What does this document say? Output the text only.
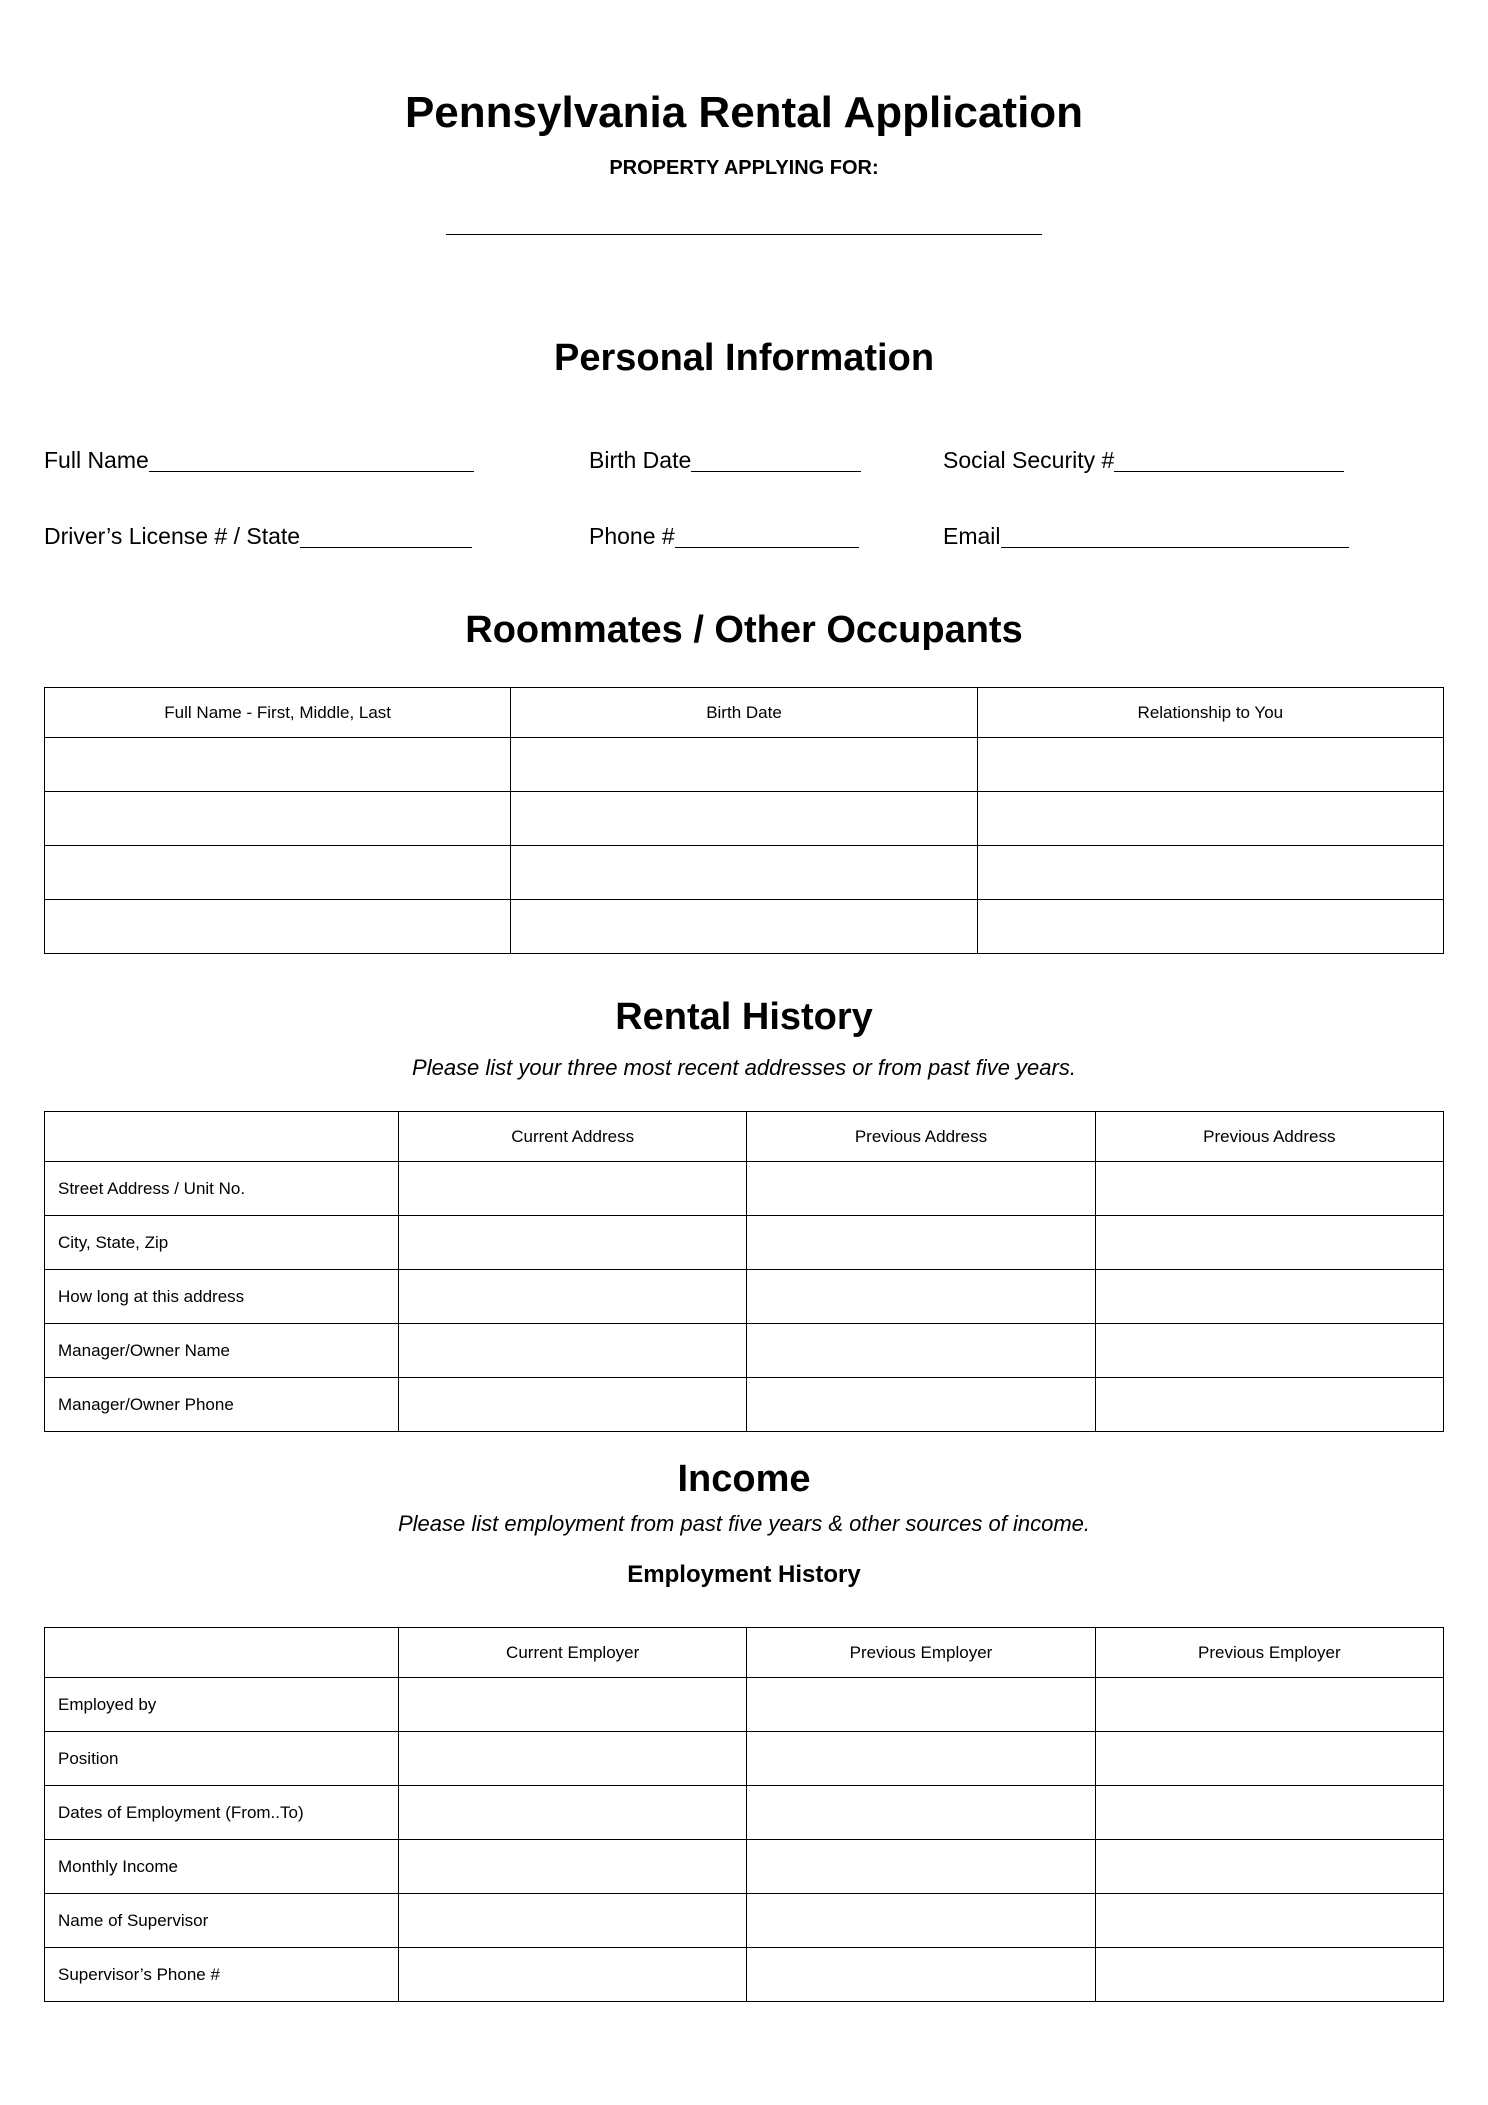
Pennsylvania Rental Application
PROPERTY APPLYING FOR:
Personal Information
Full Name	Birth Date	Social Security #
Driver’s License # / State	Phone #	Email
Roommates / Other Occupants
Full Name - First, Middle, Last	Birth Date	Relationship to You

Rental History
Please list your three most recent addresses or from past five years.
	Current Address	Previous Address	Previous Address
Street Address / Unit No.			
City, State, Zip			
How long at this address			
Manager/Owner Name			
Manager/Owner Phone			
Income
Please list employment from past five years & other sources of income.
Employment History
	Current Employer	Previous Employer	Previous Employer
Employed by			
Position			
Dates of Employment (From..To)			
Monthly Income			
Name of Supervisor			
Supervisor’s Phone #			
